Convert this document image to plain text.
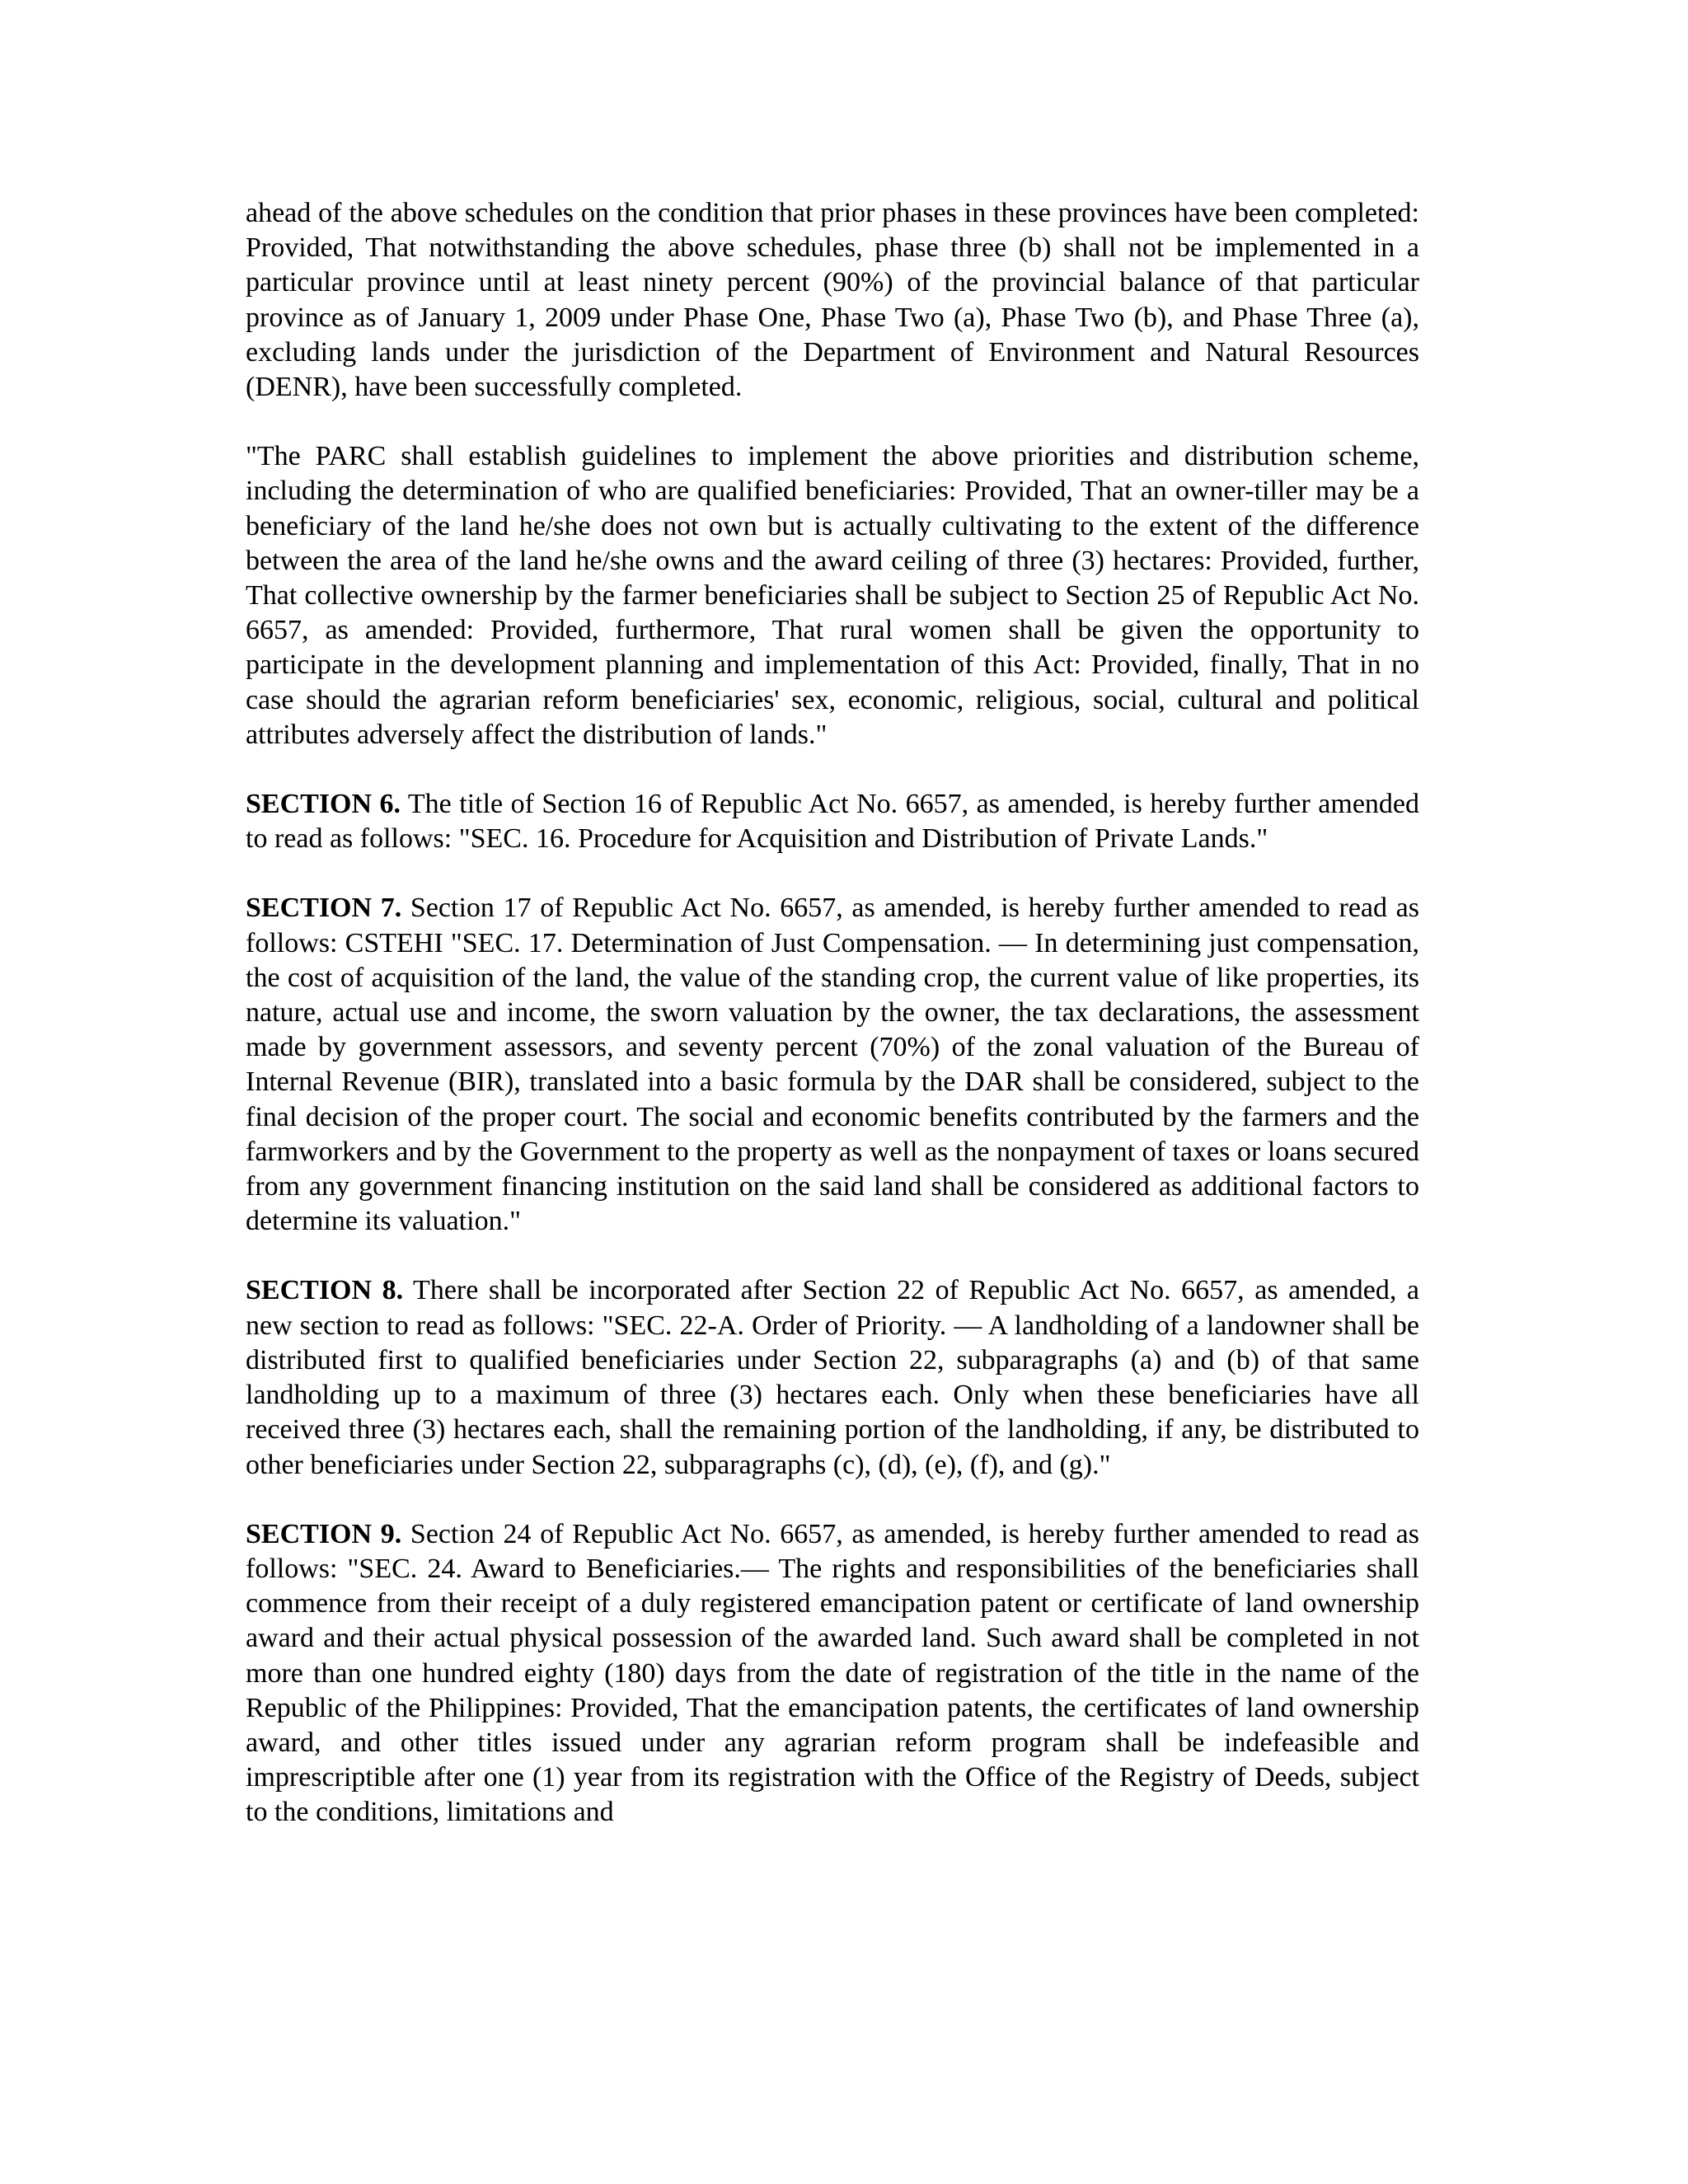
ahead of the above schedules on the condition that prior phases in these provinces have been completed: Provided, That notwithstanding the above schedules, phase three (b) shall not be implemented in a particular province until at least ninety percent (90%) of the provincial balance of that particular province as of January 1, 2009 under Phase One, Phase Two (a), Phase Two (b), and Phase Three (a), excluding lands under the jurisdiction of the Department of Environment and Natural Resources (DENR), have been successfully completed.

"The PARC shall establish guidelines to implement the above priorities and distribution scheme, including the determination of who are qualified beneficiaries: Provided, That an owner-tiller may be a beneficiary of the land he/she does not own but is actually cultivating to the extent of the difference between the area of the land he/she owns and the award ceiling of three (3) hectares: Provided, further, That collective ownership by the farmer beneficiaries shall be subject to Section 25 of Republic Act No. 6657, as amended: Provided, furthermore, That rural women shall be given the opportunity to participate in the development planning and implementation of this Act: Provided, finally, That in no case should the agrarian reform beneficiaries' sex, economic, religious, social, cultural and political attributes adversely affect the distribution of lands."

SECTION 6. The title of Section 16 of Republic Act No. 6657, as amended, is hereby further amended to read as follows: "SEC. 16. Procedure for Acquisition and Distribution of Private Lands."

SECTION 7. Section 17 of Republic Act No. 6657, as amended, is hereby further amended to read as follows: CSTEHI "SEC. 17. Determination of Just Compensation. — In determining just compensation, the cost of acquisition of the land, the value of the standing crop, the current value of like properties, its nature, actual use and income, the sworn valuation by the owner, the tax declarations, the assessment made by government assessors, and seventy percent (70%) of the zonal valuation of the Bureau of Internal Revenue (BIR), translated into a basic formula by the DAR shall be considered, subject to the final decision of the proper court. The social and economic benefits contributed by the farmers and the farmworkers and by the Government to the property as well as the nonpayment of taxes or loans secured from any government financing institution on the said land shall be considered as additional factors to determine its valuation."

SECTION 8. There shall be incorporated after Section 22 of Republic Act No. 6657, as amended, a new section to read as follows: "SEC. 22-A. Order of Priority. — A landholding of a landowner shall be distributed first to qualified beneficiaries under Section 22, subparagraphs (a) and (b) of that same landholding up to a maximum of three (3) hectares each. Only when these beneficiaries have all received three (3) hectares each, shall the remaining portion of the landholding, if any, be distributed to other beneficiaries under Section 22, subparagraphs (c), (d), (e), (f), and (g)."

SECTION 9. Section 24 of Republic Act No. 6657, as amended, is hereby further amended to read as follows: "SEC. 24. Award to Beneficiaries.— The rights and responsibilities of the beneficiaries shall commence from their receipt of a duly registered emancipation patent or certificate of land ownership award and their actual physical possession of the awarded land. Such award shall be completed in not more than one hundred eighty (180) days from the date of registration of the title in the name of the Republic of the Philippines: Provided, That the emancipation patents, the certificates of land ownership award, and other titles issued under any agrarian reform program shall be indefeasible and imprescriptible after one (1) year from its registration with the Office of the Registry of Deeds, subject to the conditions, limitations and
